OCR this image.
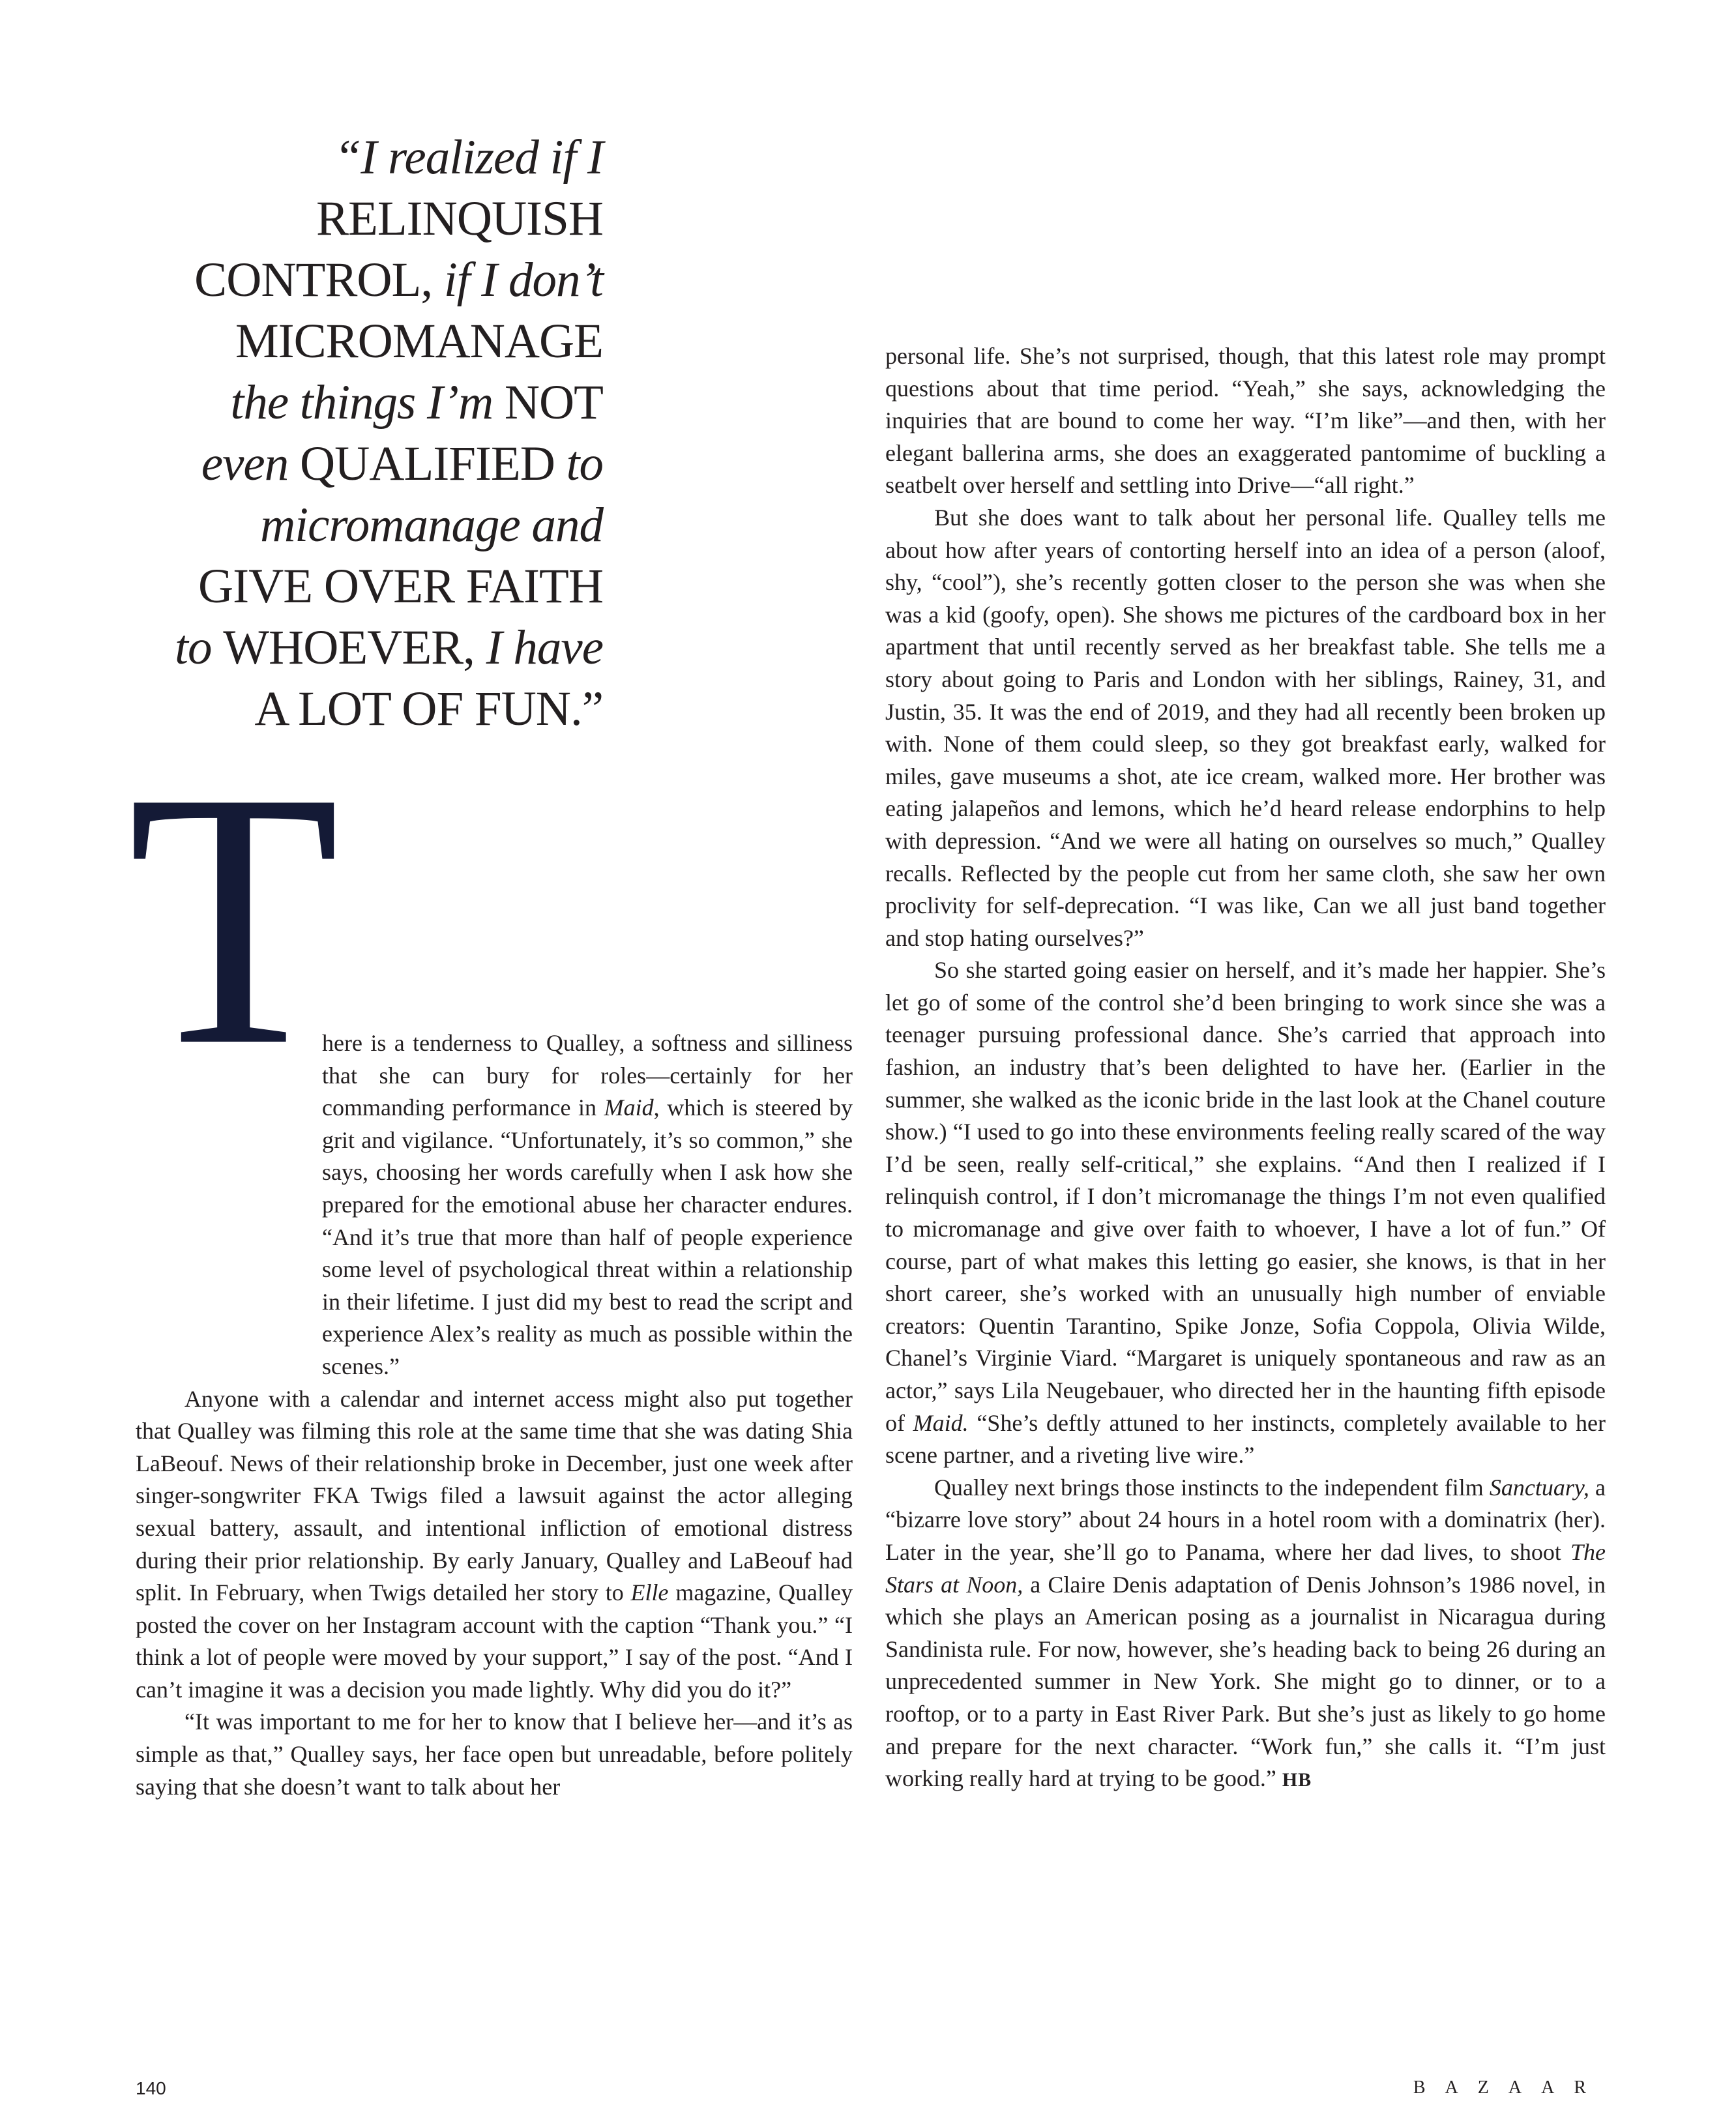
“I realized if I
RELINQUISH
CONTROL, if I don’t
MICROMANAGE
the things I’m NOT
even QUALIFIED to
micromanage and
GIVE OVER FAITH
to WHOEVER, I have
A LOT OF FUN.”
T

here is a tenderness to Qualley, a softness and silliness that she can bury for roles—certainly for her commanding performance in Maid, which is steered by grit and vigilance. “Unfortunately, it’s so common,” she says, choosing her words carefully when I ask how she prepared for the emotional abuse her character endures. “And it’s true that more than half of people experience some level of psychological threat within a relationship in their lifetime. I just did my best to read the script and experience Alex’s reality as much as possible within the scenes.”

Anyone with a calendar and internet access might also put together that Qualley was filming this role at the same time that she was dating Shia LaBeouf. News of their relationship broke in December, just one week after singer-songwriter FKA Twigs filed a lawsuit against the actor alleging sexual battery, assault, and intentional infliction of emotional distress during their prior relationship. By early January, Qualley and LaBeouf had split. In February, when Twigs detailed her story to Elle magazine, Qualley posted the cover on her Instagram account with the caption “Thank you.” “I think a lot of people were moved by your support,” I say of the post. “And I can’t imagine it was a decision you made lightly. Why did you do it?”

“It was important to me for her to know that I believe her—and it’s as simple as that,” Qualley says, her face open but unreadable, before politely saying that she doesn’t want to talk about her

personal life. She’s not surprised, though, that this latest role may prompt questions about that time period. “Yeah,” she says, acknowledging the inquiries that are bound to come her way. “I’m like”—and then, with her elegant ballerina arms, she does an exaggerated pantomime of buckling a seatbelt over herself and settling into Drive—“all right.”

But she does want to talk about her personal life. Qualley tells me about how after years of contorting herself into an idea of a person (aloof, shy, “cool”), she’s recently gotten closer to the person she was when she was a kid (goofy, open). She shows me pictures of the cardboard box in her apartment that until recently served as her breakfast table. She tells me a story about going to Paris and London with her siblings, Rainey, 31, and Justin, 35. It was the end of 2019, and they had all recently been broken up with. None of them could sleep, so they got breakfast early, walked for miles, gave museums a shot, ate ice cream, walked more. Her brother was eating jalapeños and lemons, which he’d heard release endorphins to help with depression. “And we were all hating on ourselves so much,” Qualley recalls. Reflected by the people cut from her same cloth, she saw her own proclivity for self-deprecation. “I was like, Can we all just band together and stop hating ourselves?”

So she started going easier on herself, and it’s made her happier. She’s let go of some of the control she’d been bringing to work since she was a teenager pursuing professional dance. She’s carried that approach into fashion, an industry that’s been delighted to have her. (Earlier in the summer, she walked as the iconic bride in the last look at the Chanel couture show.) “I used to go into these environments feeling really scared of the way I’d be seen, really self-critical,” she explains. “And then I realized if I relinquish control, if I don’t micromanage the things I’m not even qualified to micromanage and give over faith to whoever, I have a lot of fun.” Of course, part of what makes this letting go easier, she knows, is that in her short career, she’s worked with an unusually high number of enviable creators: Quentin Tarantino, Spike Jonze, Sofia Coppola, Olivia Wilde, Chanel’s Virginie Viard. “Margaret is uniquely spontaneous and raw as an actor,” says Lila Neugebauer, who directed her in the haunting fifth episode of Maid. “She’s deftly attuned to her instincts, completely available to her scene partner, and a riveting live wire.”

Qualley next brings those instincts to the independent film Sanctuary, a “bizarre love story” about 24 hours in a hotel room with a dominatrix (her). Later in the year, she’ll go to Panama, where her dad lives, to shoot The Stars at Noon, a Claire Denis adaptation of Denis Johnson’s 1986 novel, in which she plays an American posing as a journalist in Nicaragua during Sandinista rule. For now, however, she’s heading back to being 26 during an unprecedented summer in New York. She might go to dinner, or to a rooftop, or to a party in East River Park. But she’s just as likely to go home and prepare for the next character. “Work fun,” she calls it. “I’m just working really hard at trying to be good.” HB

140	BAZAAR
